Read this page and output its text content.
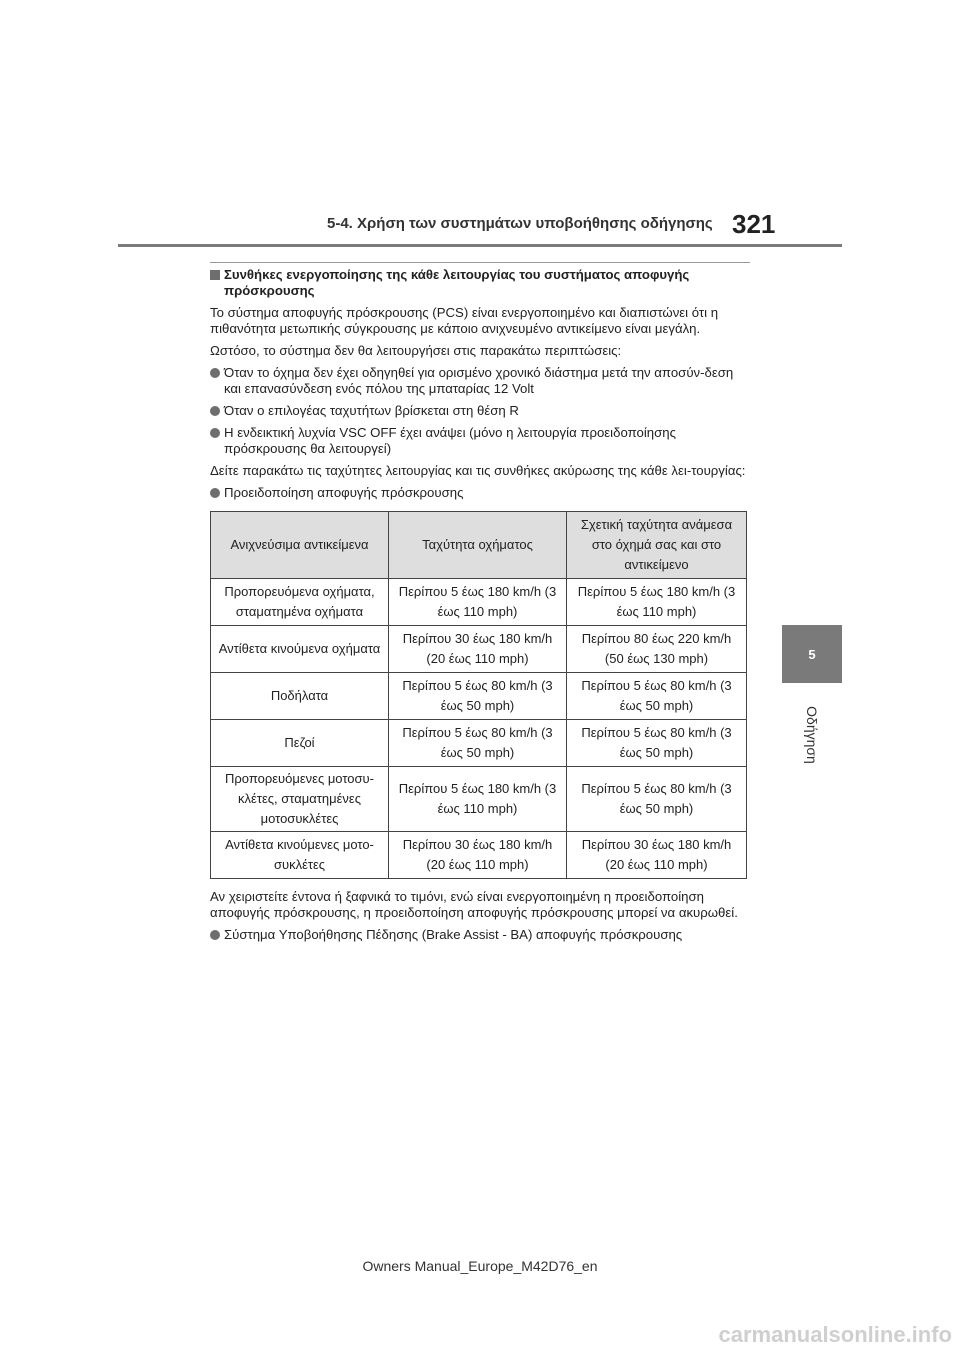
5-4. Χρήση των συστημάτων υποβοήθησης οδήγησης 321
5
Οδήγηση
Συνθήκες ενεργοποίησης της κάθε λειτουργίας του συστήματος αποφυγής πρόσκρουσης

Το σύστημα αποφυγής πρόσκρουσης (PCS) είναι ενεργοποιημένο και διαπιστώνει ότι η πιθανότητα μετωπικής σύγκρουσης με κάποιο ανιχνευμένο αντικείμενο είναι μεγάλη.

Ωστόσο, το σύστημα δεν θα λειτουργήσει στις παρακάτω περιπτώσεις:

Όταν το όχημα δεν έχει οδηγηθεί για ορισμένο χρονικό διάστημα μετά την αποσύν-δεση και επανασύνδεση ενός πόλου της μπαταρίας 12 Volt
Όταν ο επιλογέας ταχυτήτων βρίσκεται στη θέση R
Η ενδεικτική λυχνία VSC OFF έχει ανάψει (μόνο η λειτουργία προειδοποίησης πρόσκρουσης θα λειτουργεί)

Δείτε παρακάτω τις ταχύτητες λειτουργίας και τις συνθήκες ακύρωσης της κάθε λει-τουργίας:

Προειδοποίηση αποφυγής πρόσκρουσης
Ανιχνεύσιμα αντικείμενα	Ταχύτητα οχήματος	Σχετική ταχύτητα ανάμεσα στο όχημά σας και στο αντικείμενο
Προπορευόμενα οχήματα, σταματημένα οχήματα	Περίπου 5 έως 180 km/h (3 έως 110 mph)	Περίπου 5 έως 180 km/h (3 έως 110 mph)
Αντίθετα κινούμενα οχήματα	Περίπου 30 έως 180 km/h (20 έως 110 mph)	Περίπου 80 έως 220 km/h (50 έως 130 mph)
Ποδήλατα	Περίπου 5 έως 80 km/h (3 έως 50 mph)	Περίπου 5 έως 80 km/h (3 έως 50 mph)
Πεζοί	Περίπου 5 έως 80 km/h (3 έως 50 mph)	Περίπου 5 έως 80 km/h (3 έως 50 mph)
Προπορευόμενες μοτοσυ-κλέτες, σταματημένες μοτοσυκλέτες	Περίπου 5 έως 180 km/h (3 έως 110 mph)	Περίπου 5 έως 80 km/h (3 έως 50 mph)
Αντίθετα κινούμενες μοτο-συκλέτες	Περίπου 30 έως 180 km/h (20 έως 110 mph)	Περίπου 30 έως 180 km/h (20 έως 110 mph)

Αν χειριστείτε έντονα ή ξαφνικά το τιμόνι, ενώ είναι ενεργοποιημένη η προειδοποίηση αποφυγής πρόσκρουσης, η προειδοποίηση αποφυγής πρόσκρουσης μπορεί να ακυρωθεί.

Σύστημα Υποβοήθησης Πέδησης (Brake Assist - BA) αποφυγής πρόσκρουσης
Owners Manual_Europe_M42D76_en
carmanualsonline.info
